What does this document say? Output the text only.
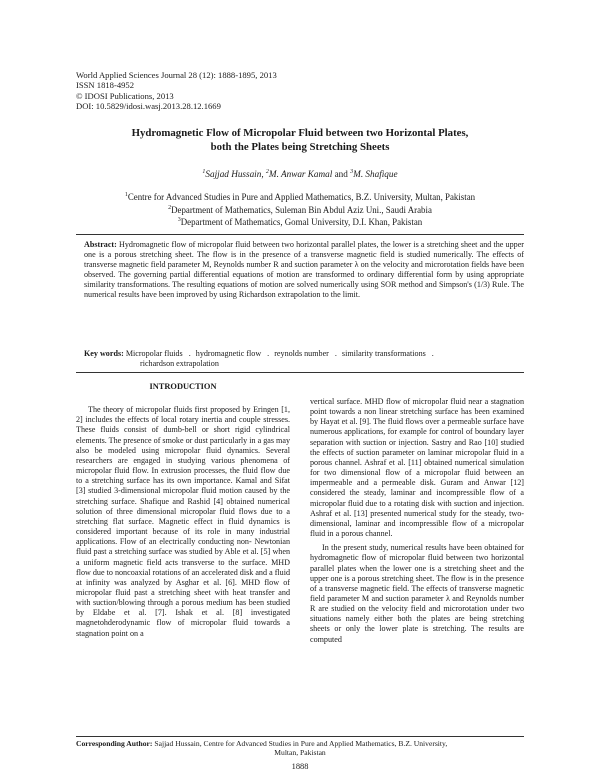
World Applied Sciences Journal 28 (12): 1888-1895, 2013
ISSN 1818-4952
© IDOSI Publications, 2013
DOI: 10.5829/idosi.wasj.2013.28.12.1669
Hydromagnetic Flow of Micropolar Fluid between two Horizontal Plates,
both the Plates being Stretching Sheets
$^1$Sajjad Hussain, $^2$M. Anwar Kamal and $^3$M. Shafique
$^1$Centre for Advanced Studies in Pure and Applied Mathematics, B.Z. University, Multan, Pakistan
$^2$Department of Mathematics, Suleman Bin Abdul Aziz Uni., Saudi Arabia
$^3$Department of Mathematics, Gomal University, D.I. Khan, Pakistan
Abstract: Hydromagnetic flow of micropolar fluid between two horizontal parallel plates, the lower is a stretching sheet and the upper one is a porous stretching sheet. The flow is in the presence of a transverse magnetic field is studied numerically. The effects of transverse magnetic field parameter M, Reynolds number R and suction parameter λ on the velocity and microrotation fields have been observed. The governing partial differential equations of motion are transformed to ordinary differential form by using appropriate similarity transformations. The resulting equations of motion are solved numerically using SOR method and Simpson's (1/3) Rule. The numerical results have been improved by using Richardson extrapolation to the limit.
Key words: Micropolar fluids . hydromagnetic flow . reynolds number . similarity transformations .
richardson extrapolation
INTRODUCTION

The theory of micropolar fluids first proposed by Eringen [1, 2] includes the effects of local rotary inertia and couple stresses. These fluids consist of dumb-bell or short rigid cylindrical elements. The presence of smoke or dust particularly in a gas may also be modeled using micropolar fluid dynamics. Several researchers are engaged in studying various phenomena of micropolar fluid flow. In extrusion processes, the fluid flow due to a stretching surface has its own importance. Kamal and Sifat [3] studied 3-dimensional micropolar fluid motion caused by the stretching surface. Shafique and Rashid [4] obtained numerical solution of three dimensional micropolar fluid flows due to a stretching flat surface. Magnetic effect in fluid dynamics is considered important because of its role in many industrial applications. Flow of an electrically conducting non- Newtonian fluid past a stretching surface was studied by Able et al. [5] when a uniform magnetic field acts transverse to the surface. MHD flow due to noncoaxial rotations of an accelerated disk and a fluid at infinity was analyzed by Asghar et al. [6]. MHD flow of micropolar fluid past a stretching sheet with heat transfer and with suction/blowing through a porous medium has been studied by Eldabe et al. [7]. Ishak et al. [8] investigated magnetohderodynamic flow of micropolar fluid towards a stagnation point on a

vertical surface. MHD flow of micropolar fluid near a stagnation point towards a non linear stretching surface has been examined by Hayat et al. [9]. The fluid flows over a permeable surface have numerous applications, for example for control of boundary layer separation with suction or injection. Sastry and Rao [10] studied the effects of suction parameter on laminar micropolar fluid in a porous channel. Ashraf et al. [11] obtained numerical simulation for two dimensional flow of a micropolar fluid between an impermeable and a permeable disk. Guram and Anwar [12] considered the steady, laminar and incompressible flow of a micropolar fluid due to a rotating disk with suction and injection. Ashraf et al. [13] presented numerical study for the steady, two-dimensional, laminar and incompressible flow of a micropolar fluid in a porous channel.

In the present study, numerical results have been obtained for hydromagnetic flow of micropolar fluid between two horizontal parallel plates when the lower one is a stretching sheet and the upper one is a porous stretching sheet. The flow is in the presence of a transverse magnetic field. The effects of transverse magnetic field parameter M and suction parameter λ and Reynolds number R are studied on the velocity field and microrotation under two situations namely either both the plates are being stretching sheets or only the lower plate is stretching. The results are computed

Corresponding Author: Sajjad Hussain, Centre for Advanced Studies in Pure and Applied Mathematics, B.Z. University,
Multan, Pakistan
1888
